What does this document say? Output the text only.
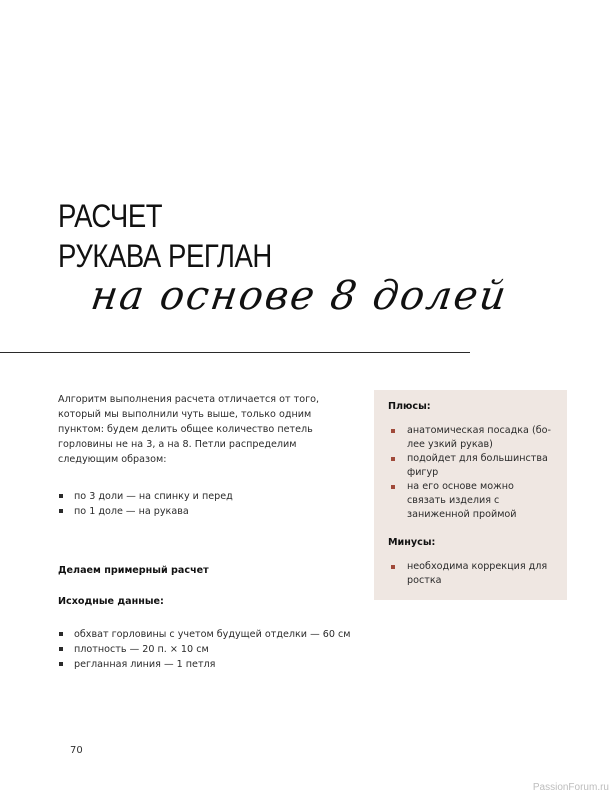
РАСЧЕТ
РУКАВА РЕГЛАН
на основе 8 долей

Алгоритм выполнения расчета отличается от того, который мы выполнили чуть выше, только одним пунктом: будем делить общее количество петель горловины не на 3, а на 8. Петли распределим следующим образом:

по 3 доли — на спинку и перед
по 1 доле — на рукава

Делаем примерный расчет

Исходные данные:

обхват горловины с учетом будущей отделки — 60 см
плотность — 20 п. × 10 см
регланная линия — 1 петля

Плюсы:

анатомическая посадка (бо-лее узкий рукав)
подойдет для большинства фигур
на его основе можно связать изделия с заниженной проймой

Минусы:

необходима коррекция для ростка
70
PassionForum.ru
